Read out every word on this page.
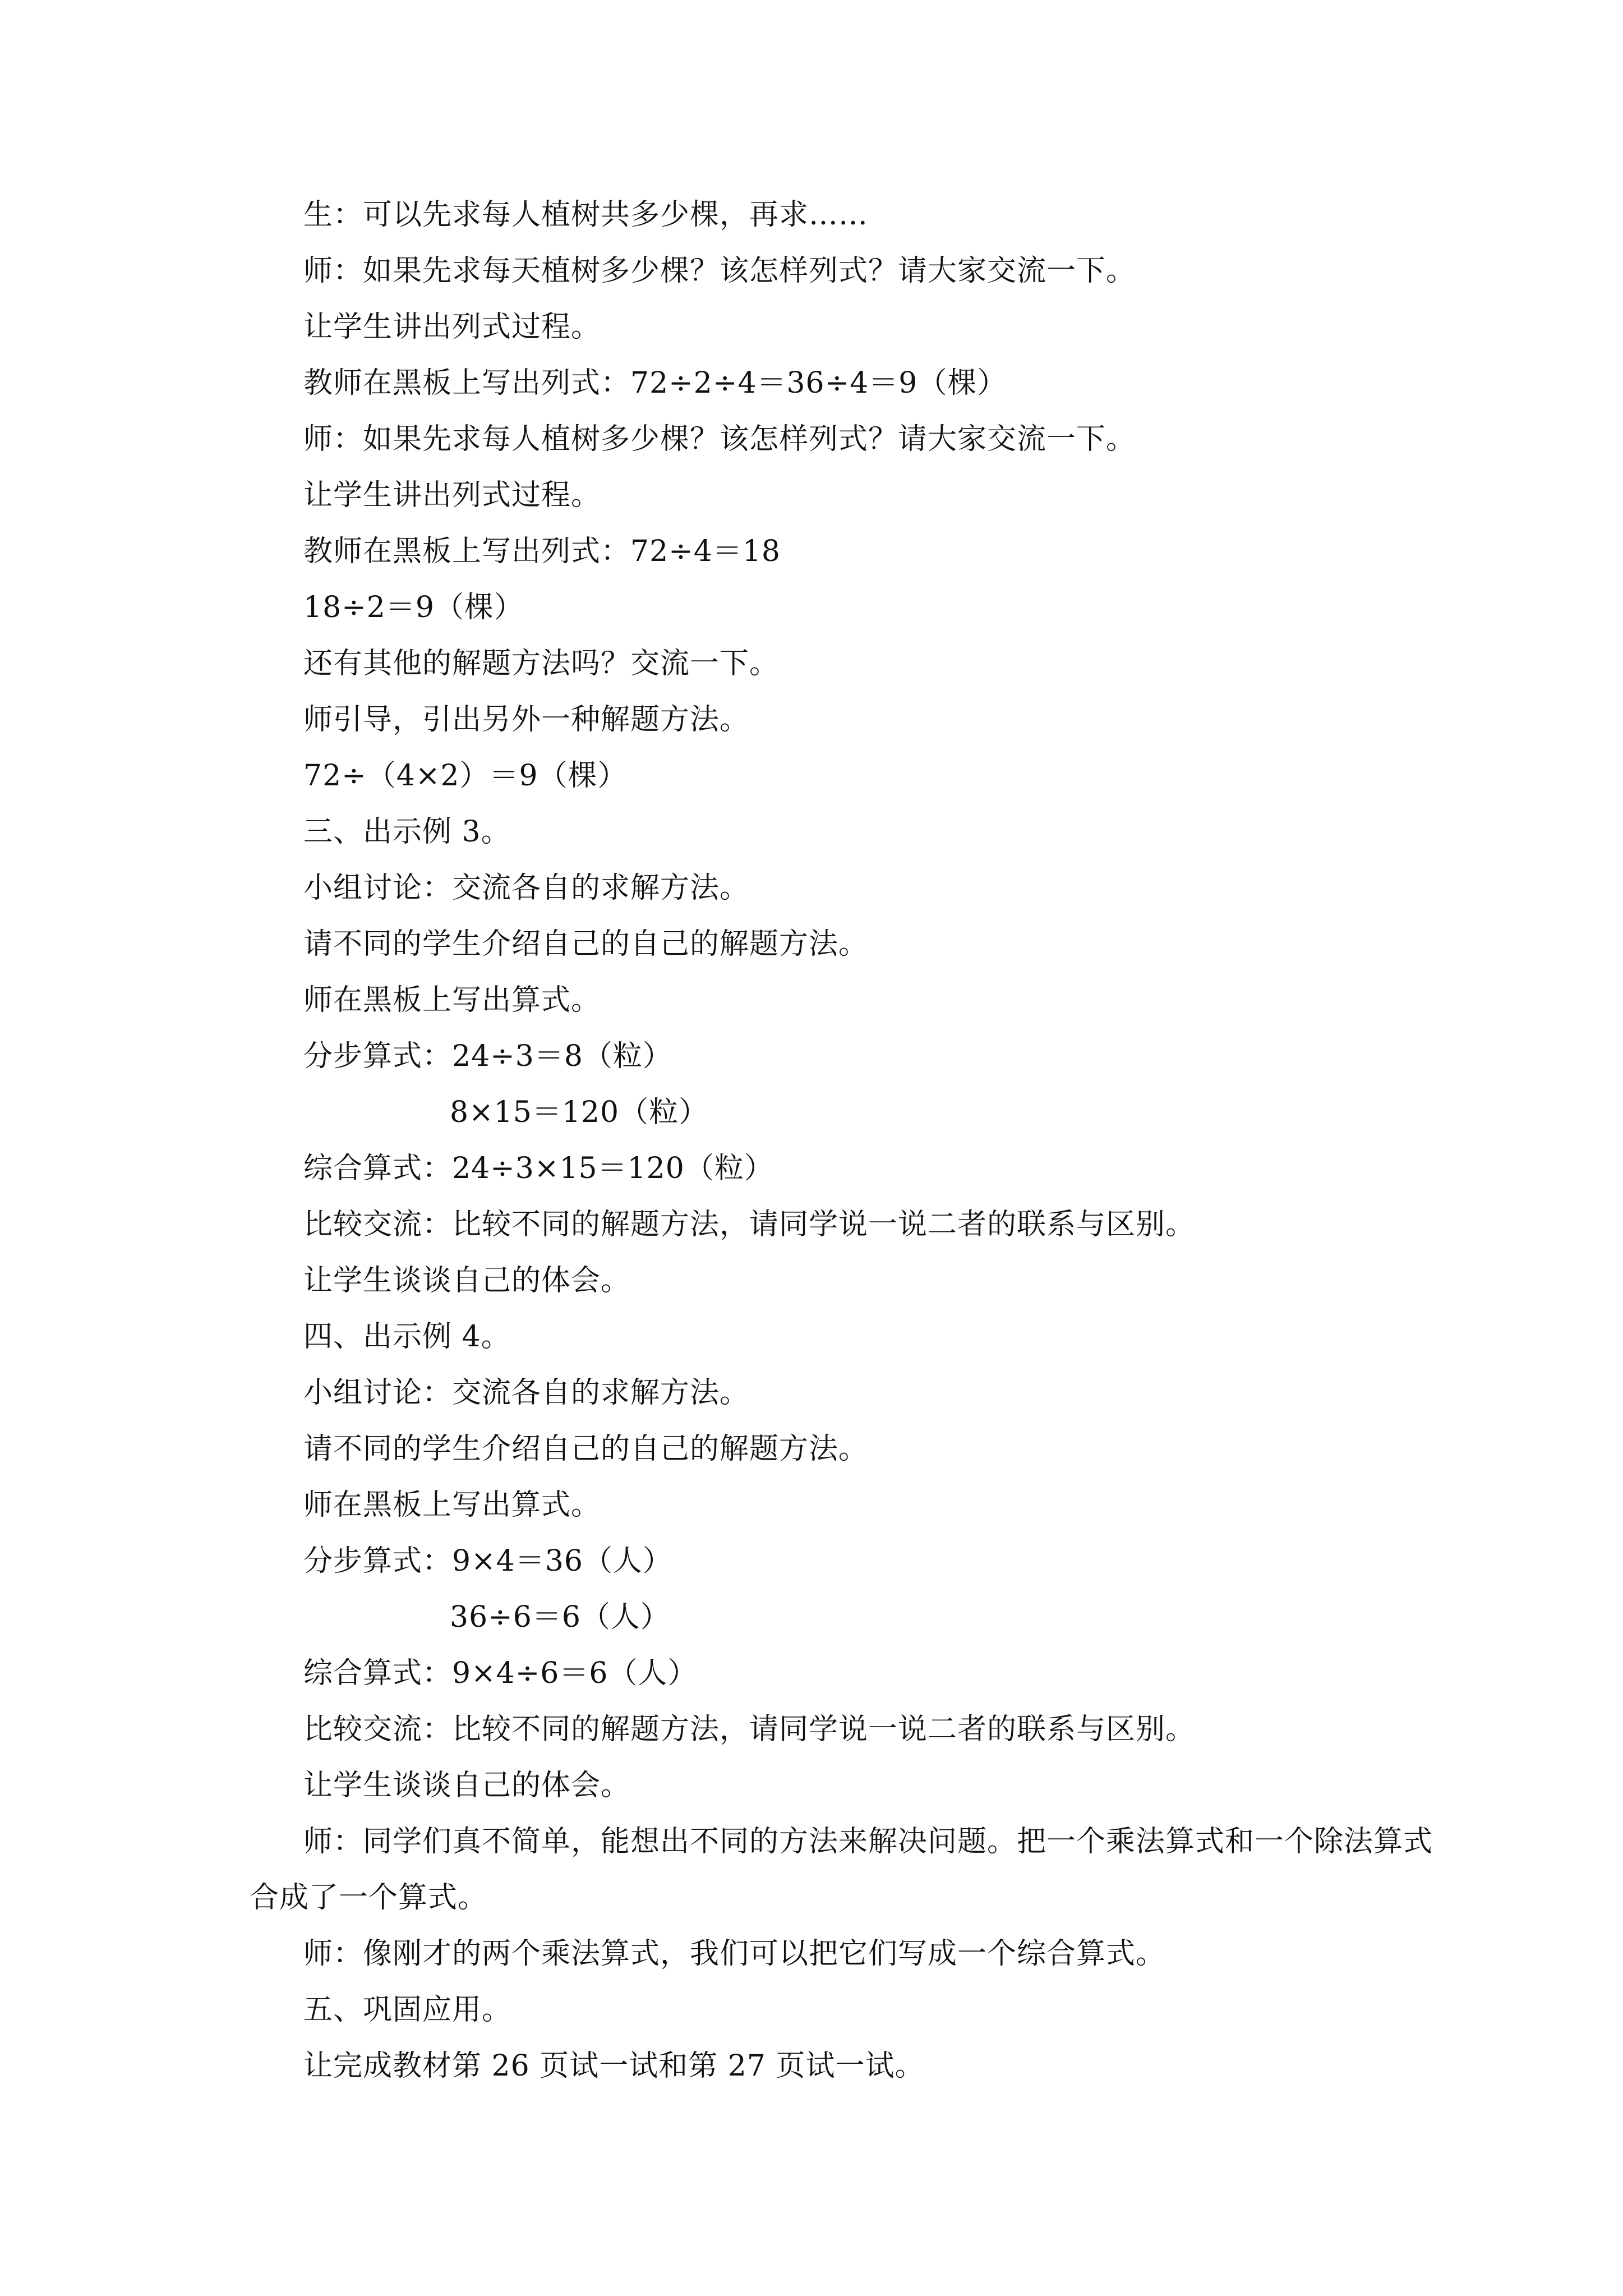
生：可以先求每人植树共多少棵，再求……
师：如果先求每天植树多少棵？该怎样列式？请大家交流一下。
让学生讲出列式过程。
教师在黑板上写出列式：72÷2÷4＝36÷4＝9（棵）
师：如果先求每人植树多少棵？该怎样列式？请大家交流一下。
让学生讲出列式过程。
教师在黑板上写出列式：72÷4＝18
18÷2＝9（棵）
还有其他的解题方法吗？交流一下。
师引导，引出另外一种解题方法。
72÷（4×2）＝9（棵）
三、出示例 3。
小组讨论：交流各自的求解方法。
请不同的学生介绍自己的自己的解题方法。
师在黑板上写出算式。
分步算式：24÷3＝8（粒）
8×15＝120（粒）
综合算式：24÷3×15＝120（粒）
比较交流：比较不同的解题方法，请同学说一说二者的联系与区别。
让学生谈谈自己的体会。
四、出示例 4。
小组讨论：交流各自的求解方法。
请不同的学生介绍自己的自己的解题方法。
师在黑板上写出算式。
分步算式：9×4＝36（人）
36÷6＝6（人）
综合算式：9×4÷6＝6（人）
比较交流：比较不同的解题方法，请同学说一说二者的联系与区别。
让学生谈谈自己的体会。
师：同学们真不简单，能想出不同的方法来解决问题。把一个乘法算式和一个除法算式
合成了一个算式。
师：像刚才的两个乘法算式，我们可以把它们写成一个综合算式。
五、巩固应用。
让完成教材第 26 页试一试和第 27 页试一试。
